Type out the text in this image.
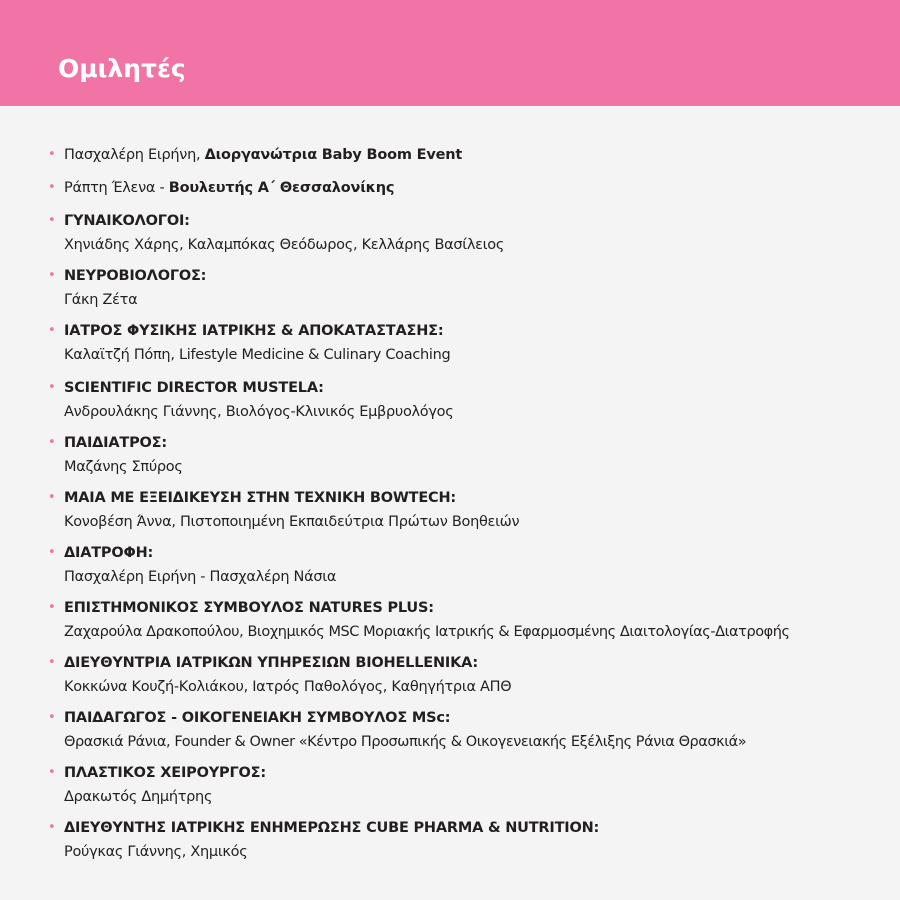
Ομιλητές
• Πασχαλέρη Ειρήνη, Διοργανώτρια Baby Boom Event
• Ράπτη Έλενα - Βουλευτής Α΄ Θεσσαλονίκης
• ΓΥΝΑΙΚΟΛΟΓΟΙ:
Χηνιάδης Χάρης, Καλαμπόκας Θεόδωρος, Κελλάρης Βασίλειος
• ΝΕΥΡΟΒΙΟΛΟΓΟΣ:
Γάκη Ζέτα
• ΙΑΤΡΟΣ ΦΥΣΙΚΗΣ ΙΑΤΡΙΚΗΣ & ΑΠΟΚΑΤΑΣΤΑΣΗΣ:
Καλαϊτζή Πόπη, Lifestyle Medicine & Culinary Coaching
• SCIENTIFIC DIRECTOR MUSTELA:
Ανδρουλάκης Γιάννης, Βιολόγος-Κλινικός Εμβρυολόγος
• ΠΑΙΔΙΑΤΡΟΣ:
Μαζάνης Σπύρος
• ΜΑΙΑ ΜΕ ΕΞΕΙΔΙΚΕΥΣΗ ΣΤΗΝ ΤΕΧΝΙΚΗ BOWTECH:
Κονοβέση Άννα, Πιστοποιημένη Εκπαιδεύτρια Πρώτων Βοηθειών
• ΔΙΑΤΡΟΦΗ:
Πασχαλέρη Ειρήνη - Πασχαλέρη Νάσια
• ΕΠΙΣΤΗΜΟΝΙΚΟΣ ΣΥΜΒΟΥΛΟΣ NATURES PLUS:
Ζαχαρούλα Δρακοπούλου, Βιοχημικός MSC Μοριακής Ιατρικής & Εφαρμοσμένης Διαιτολογίας-Διατροφής
• ΔΙΕΥΘΥΝΤΡΙΑ ΙΑΤΡΙΚΩΝ ΥΠΗΡΕΣΙΩΝ BIOHELLENIKA:
Κοκκώνα Κουζή-Κολιάκου, Ιατρός Παθολόγος, Καθηγήτρια ΑΠΘ
• ΠΑΙΔΑΓΩΓΟΣ - ΟΙΚΟΓΕΝΕΙΑΚΗ ΣΥΜΒΟΥΛΟΣ MSc:
Θρασκιά Ράνια, Founder & Owner «Κέντρο Προσωπικής & Οικογενειακής Εξέλιξης Ράνια Θρασκιά»
• ΠΛΑΣΤΙΚΟΣ ΧΕΙΡΟΥΡΓΟΣ:
Δρακωτός Δημήτρης
• ΔΙΕΥΘΥΝΤΗΣ ΙΑΤΡΙΚΗΣ ΕΝΗΜΕΡΩΣΗΣ CUBE PHARMA & NUTRITION:
Ρούγκας Γιάννης, Χημικός
